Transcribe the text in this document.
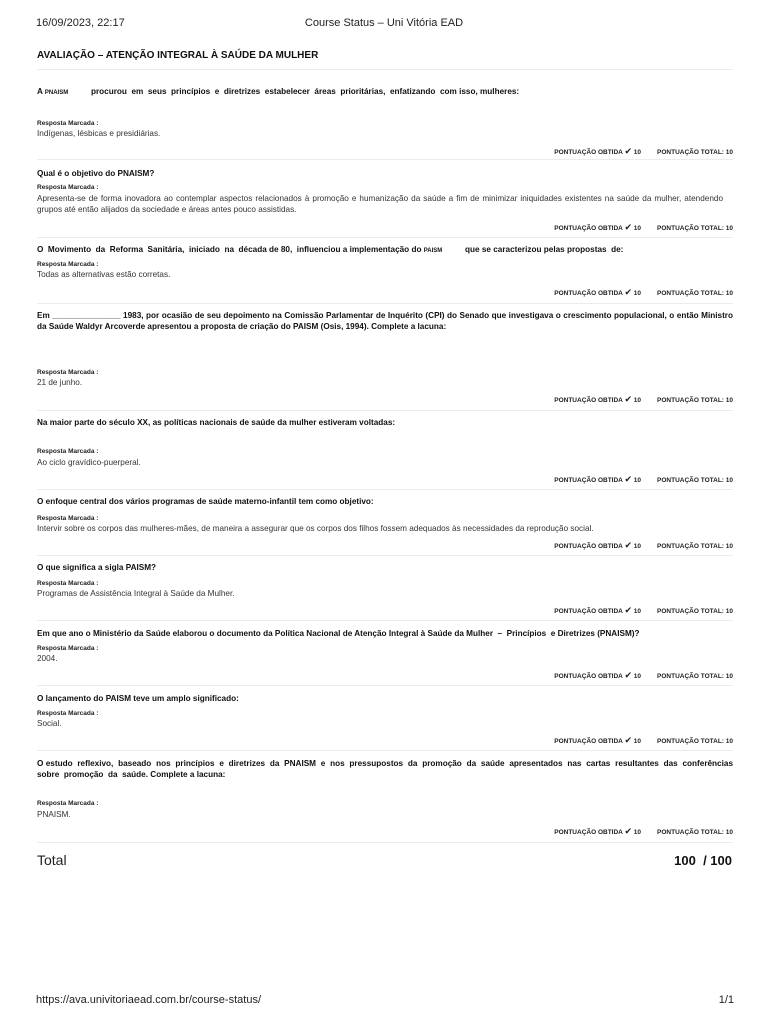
16/09/2023, 22:17	Course Status – Uni Vitória EAD
AVALIAÇÃO – ATENÇÃO INTEGRAL À SAÚDE DA MULHER
A PNAISM          procurou  em  seus  princípios  e  diretrizes  estabelecer  áreas  prioritárias,  enfatizando  com isso, mulheres:
Resposta Marcada :
Indígenas, lésbicas e presidiárias.
PONTUAÇÃO OBTIDA ✔ 10 PONTUAÇÃO TOTAL: 10
Qual é o objetivo do PNAISM?
Resposta Marcada :
Apresenta-se de forma inovadora ao contemplar aspectos relacionados à promoção e humanização da saúde a fim de minimizar iniquidades existentes na saúde da mulher, atendendo grupos até então alijados da sociedade e áreas antes pouco assistidas.
PONTUAÇÃO OBTIDA ✔ 10 PONTUAÇÃO TOTAL: 10
O  Movimento  da  Reforma  Sanitária,  iniciado  na  década de 80,  influenciou a implementação do PAISM          que se caracterizou pelas propostas  de:
Resposta Marcada :
Todas as alternativas estão corretas.
PONTUAÇÃO OBTIDA ✔ 10 PONTUAÇÃO TOTAL: 10
Em _______________ 1983, por ocasião de seu depoimento na Comissão Parlamentar de Inquérito (CPI) do Senado que investigava o crescimento populacional, o então Ministro da Saúde Waldyr Arcoverde apresentou a proposta de criação do PAISM (Osis, 1994). Complete a lacuna:
Resposta Marcada :
21 de junho.
PONTUAÇÃO OBTIDA ✔ 10 PONTUAÇÃO TOTAL: 10
Na maior parte do século XX, as políticas nacionais de saúde da mulher estiveram voltadas:
Resposta Marcada :
Ao ciclo gravídico-puerperal.
PONTUAÇÃO OBTIDA ✔ 10 PONTUAÇÃO TOTAL: 10
O enfoque central dos vários programas de saúde materno-infantil tem como objetivo:
Resposta Marcada :
Intervir sobre os corpos das mulheres-mães, de maneira a assegurar que os corpos dos filhos fossem adequados às necessidades da reprodução social.
PONTUAÇÃO OBTIDA ✔ 10 PONTUAÇÃO TOTAL: 10
O que significa a sigla PAISM?
Resposta Marcada :
Programas de Assistência Integral à Saúde da Mulher.
PONTUAÇÃO OBTIDA ✔ 10 PONTUAÇÃO TOTAL: 10
Em que ano o Ministério da Saúde elaborou o documento da Política Nacional de Atenção Integral à Saúde da Mulher  –  Princípios  e Diretrizes (PNAISM)?
Resposta Marcada :
2004.
PONTUAÇÃO OBTIDA ✔ 10 PONTUAÇÃO TOTAL: 10
O lançamento do PAISM teve um amplo significado:
Resposta Marcada :
Social.
PONTUAÇÃO OBTIDA ✔ 10 PONTUAÇÃO TOTAL: 10
O estudo  reflexivo,  baseado  nos  princípios  e  diretrizes  da  PNAISM  e  nos  pressupostos  da  promoção  da  saúde  apresentados  nas  cartas  resultantes  das  conferências sobre  promoção  da  saúde. Complete a lacuna:
Resposta Marcada :
PNAISM.
PONTUAÇÃO OBTIDA ✔ 10 PONTUAÇÃO TOTAL: 10
Total	100  / 100
https://ava.univitoriaead.com.br/course-status/	1/1
